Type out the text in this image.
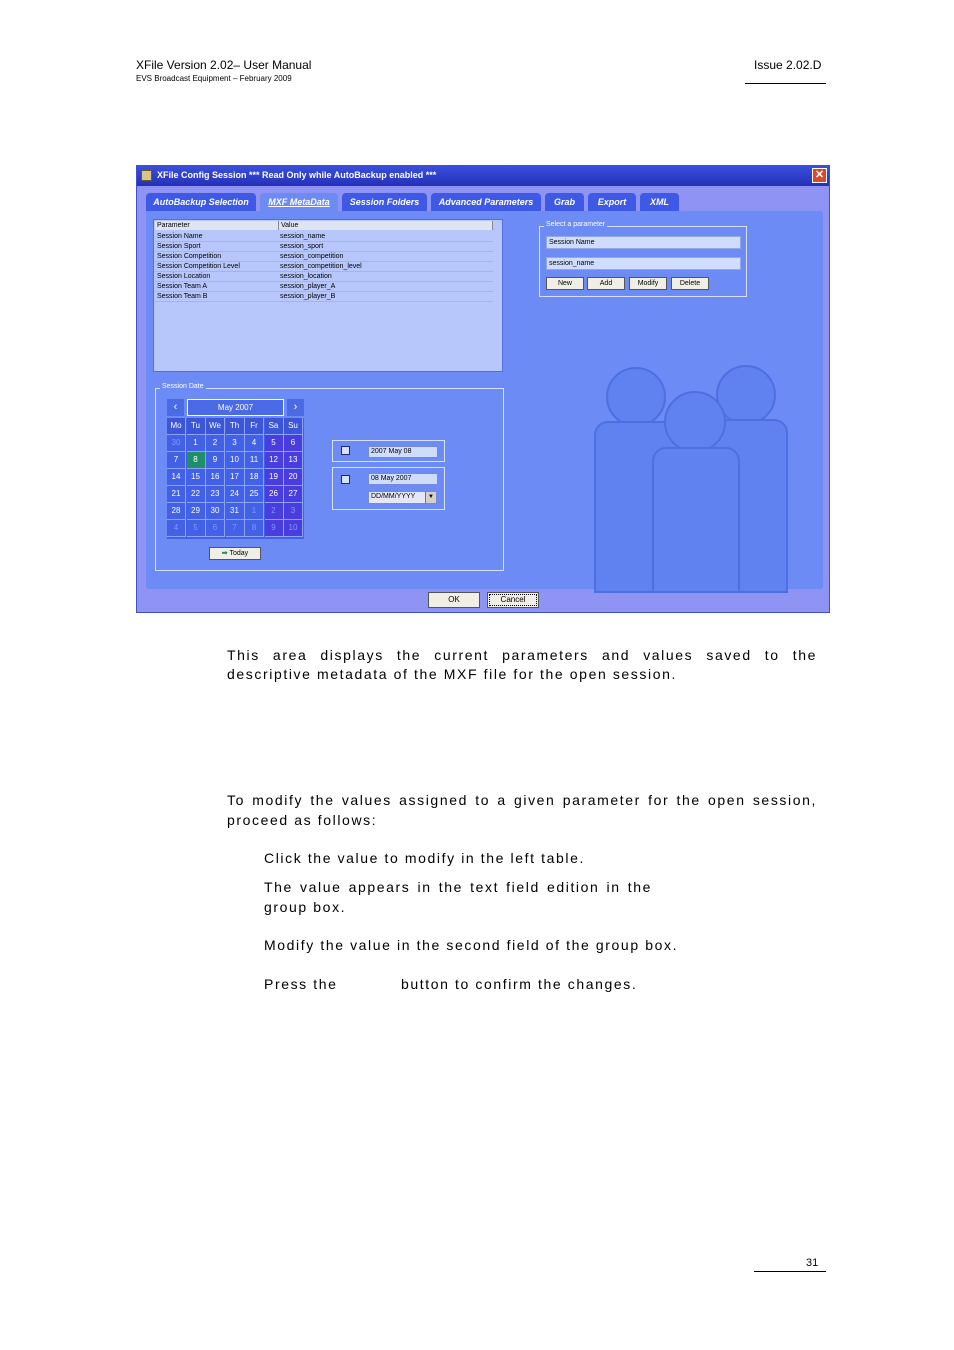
XFile Version 2.02– User Manual
EVS Broadcast Equipment – February 2009
Issue 2.02.D
XFile Config Session *** Read Only while AutoBackup enabled ***	✕
AutoBackup Selection	MXF MetaData	Session Folders	Advanced Parameters	Grab	Export	XML
Parameter	Value
Session Name	session_name
Session Sport	session_sport
Session Competition	session_competition
Session Competition Level	session_competition_level
Session Location	session_location
Session Team A	session_player_A
Session Team B	session_player_B
Select a parameter
Session Name
session_name
New	Add	Modify	Delete
Session Date
‹	May 2007	›
Mo	Tu	We	Th	Fr	Sa	Su
30	1	2	3	4	5	6
7	8	9	10	11	12	13
14	15	16	17	18	19	20
21	22	23	24	25	26	27
28	29	30	31	1	2	3
4	5	6	7	8	9	10
➡ Today
2007 May 08
08 May 2007
DD/MM/YYYY	▼
OK	Cancel
This area displays the current parameters and values saved to the
descriptive metadata of the MXF file for the open session.
To modify the values assigned to a given parameter for the open session,
proceed as follows:
Click the value to modify in the left table.
The value appears in the text field edition in the
group box.
Modify the value in the second field of the group box.
Press the	button to confirm the changes.
31
